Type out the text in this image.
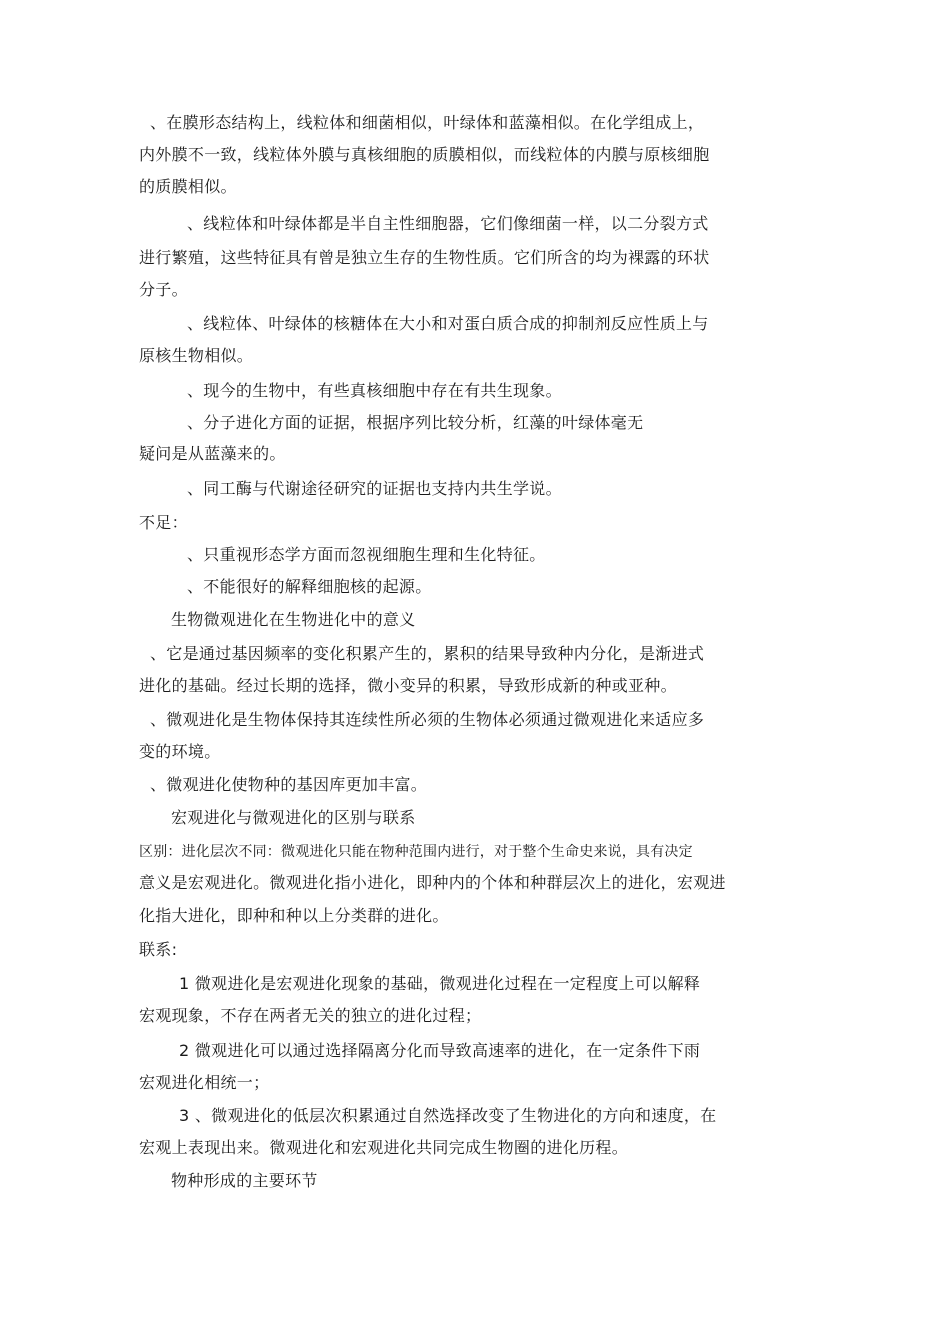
、在膜形态结构上，线粒体和细菌相似，叶绿体和蓝藻相似。在化学组成上，
内外膜不一致，线粒体外膜与真核细胞的质膜相似，而线粒体的内膜与原核细胞
的质膜相似。
、线粒体和叶绿体都是半自主性细胞器，它们像细菌一样，以二分裂方式
进行繁殖，这些特征具有曾是独立生存的生物性质。它们所含的均为裸露的环状
分子。
、线粒体、叶绿体的核糖体在大小和对蛋白质合成的抑制剂反应性质上与
原核生物相似。
、现今的生物中，有些真核细胞中存在有共生现象。
、分子进化方面的证据，根据序列比较分析，红藻的叶绿体毫无
疑问是从蓝藻来的。
、同工酶与代谢途径研究的证据也支持内共生学说。
不足：
、只重视形态学方面而忽视细胞生理和生化特征。
、不能很好的解释细胞核的起源。
生物微观进化在生物进化中的意义
、它是通过基因频率的变化积累产生的，累积的结果导致种内分化，是渐进式
进化的基础。经过长期的选择，微小变异的积累，导致形成新的种或亚种。
、微观进化是生物体保持其连续性所必须的生物体必须通过微观进化来适应多
变的环境。
、微观进化使物种的基因库更加丰富。
宏观进化与微观进化的区别与联系
区别：进化层次不同：微观进化只能在物种范围内进行，对于整个生命史来说，具有决定
意义是宏观进化。微观进化指小进化，即种内的个体和种群层次上的进化，宏观进
化指大进化，即种和种以上分类群的进化。
联系:
1 微观进化是宏观进化现象的基础，微观进化过程在一定程度上可以解释
宏观现象，不存在两者无关的独立的进化过程；
2 微观进化可以通过选择隔离分化而导致高速率的进化，在一定条件下雨
宏观进化相统一；
3 、微观进化的低层次积累通过自然选择改变了生物进化的方向和速度，在
宏观上表现出来。微观进化和宏观进化共同完成生物圈的进化历程。
物种形成的主要环节
